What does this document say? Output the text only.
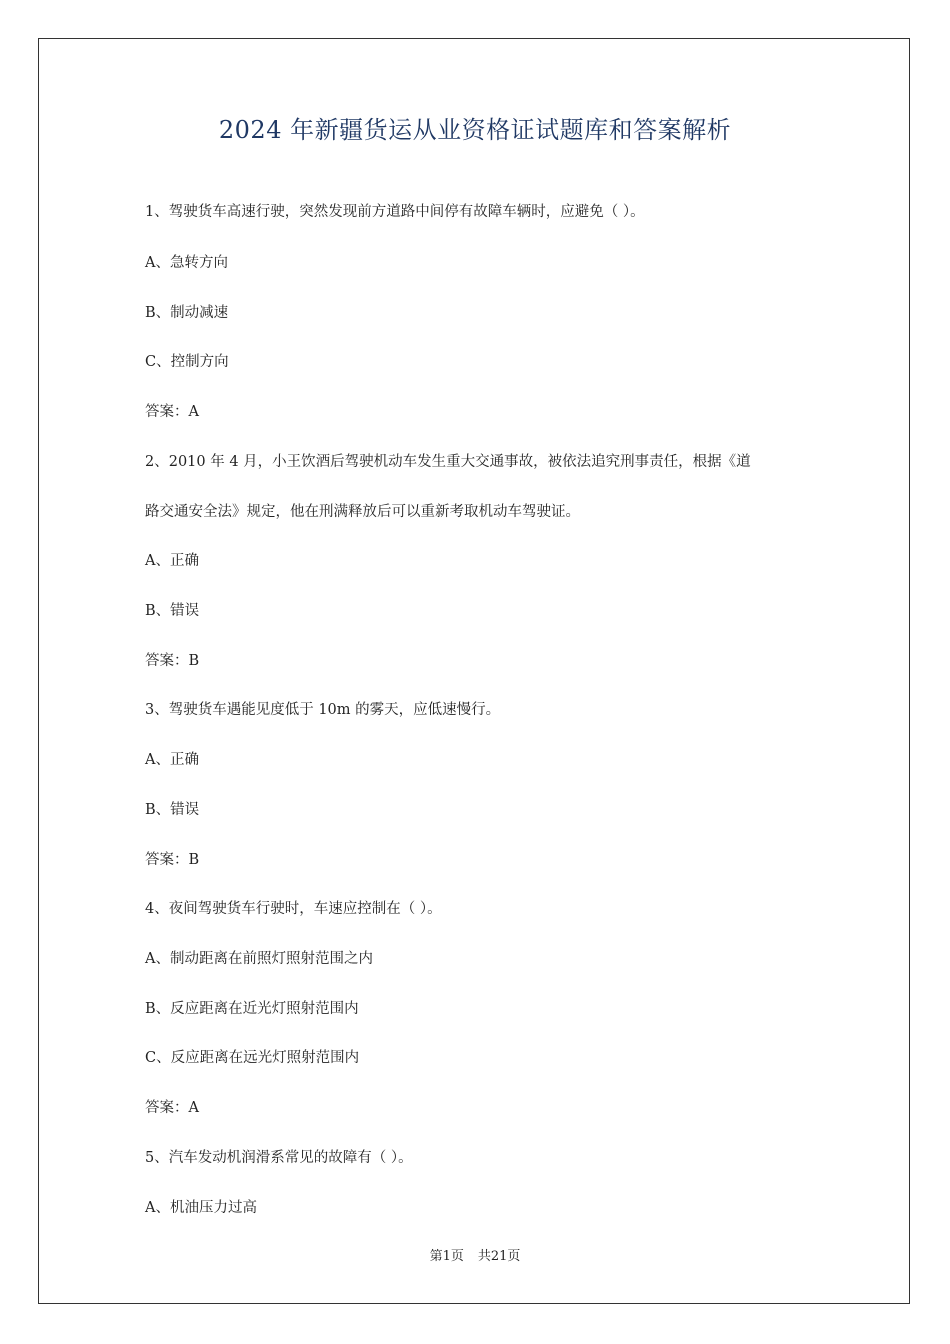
2024 年新疆货运从业资格证试题库和答案解析
1、驾驶货车高速行驶，突然发现前方道路中间停有故障车辆时，应避免（ ）。
A、急转方向
B、制动减速
C、控制方向
答案：A
2、2010 年 4 月，小王饮酒后驾驶机动车发生重大交通事故，被依法追究刑事责任，根据《道
路交通安全法》规定，他在刑满释放后可以重新考取机动车驾驶证。
A、正确
B、错误
答案：B
3、驾驶货车遇能见度低于 10m 的雾天，应低速慢行。
A、正确
B、错误
答案：B
4、夜间驾驶货车行驶时，车速应控制在（ ）。
A、制动距离在前照灯照射范围之内
B、反应距离在近光灯照射范围内
C、反应距离在远光灯照射范围内
答案：A
5、汽车发动机润滑系常见的故障有（ ）。
A、机油压力过高
第1页 共21页
